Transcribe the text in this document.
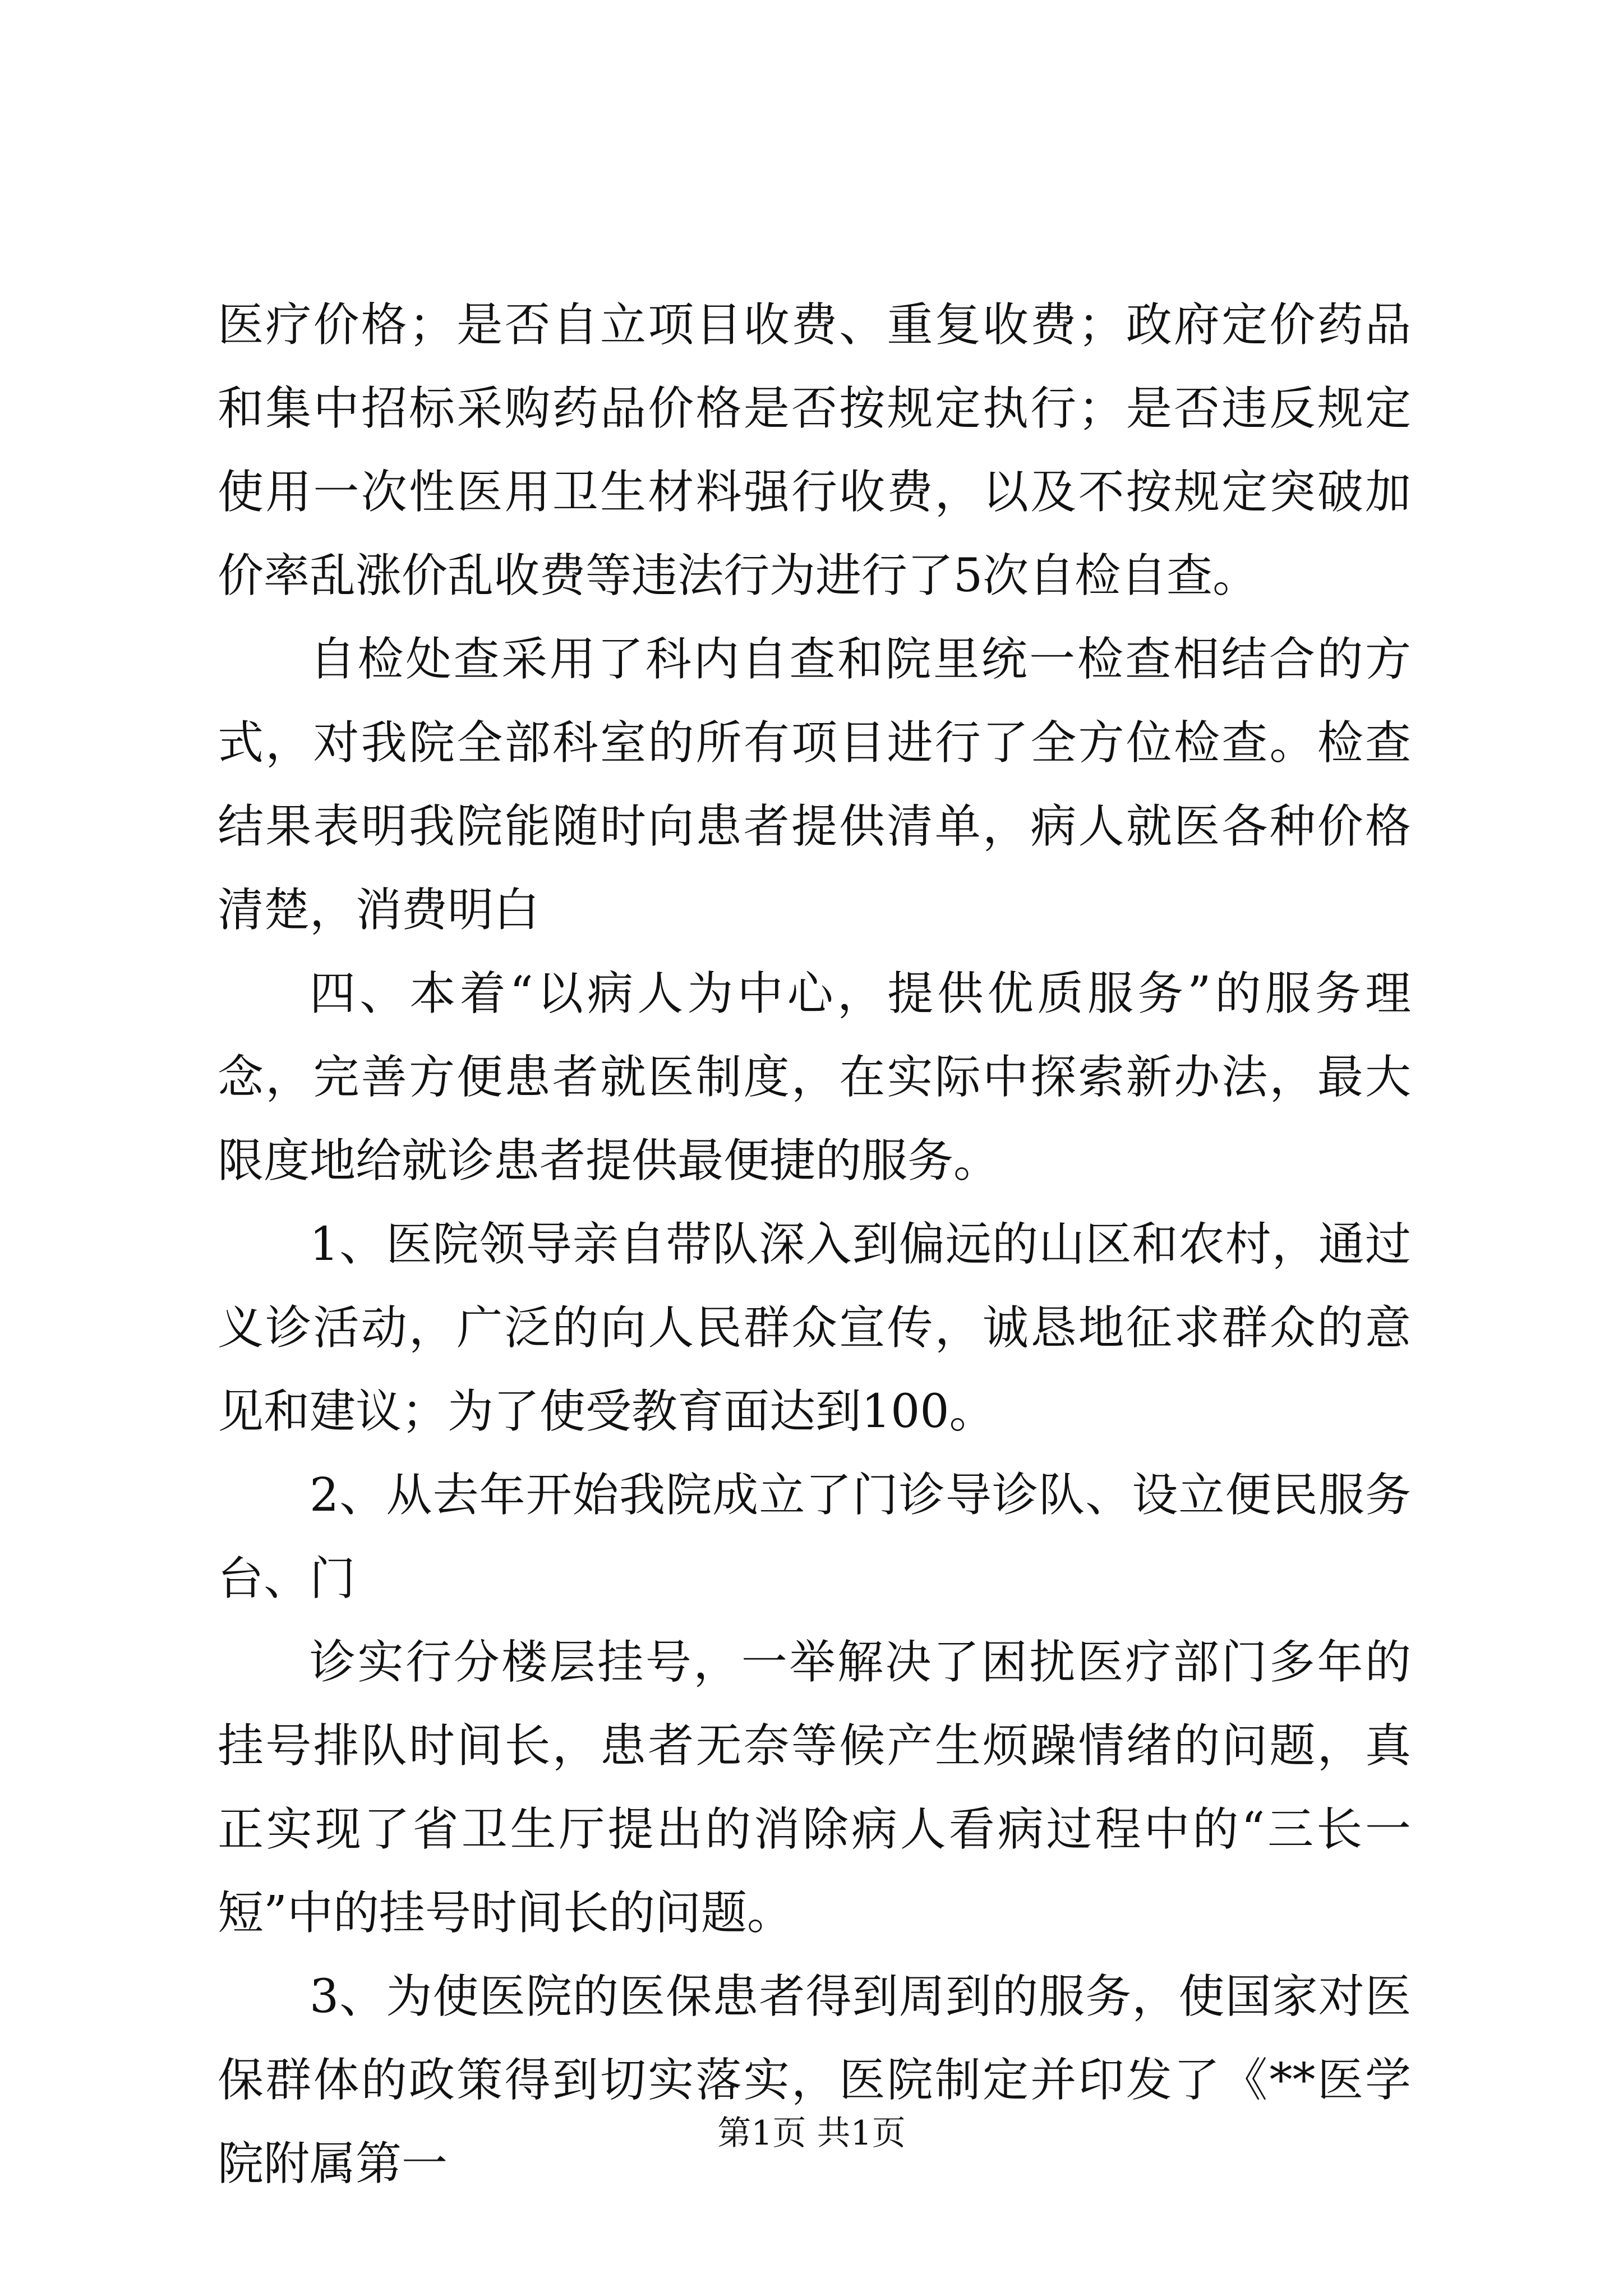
医疗价格；是否自立项目收费、重复收费；政府定价药品和集中招标采购药品价格是否按规定执行；是否违反规定使用一次性医用卫生材料强行收费，以及不按规定突破加价率乱涨价乱收费等违法行为进行了5次自检自查。

自检处查采用了科内自查和院里统一检查相结合的方式，对我院全部科室的所有项目进行了全方位检查。检查结果表明我院能随时向患者提供清单，病人就医各种价格清楚，消费明白

四、本着“以病人为中心，提供优质服务”的服务理念，完善方便患者就医制度，在实际中探索新办法，最大限度地给就诊患者提供最便捷的服务。

1、医院领导亲自带队深入到偏远的山区和农村，通过义诊活动，广泛的向人民群众宣传，诚恳地征求群众的意见和建议；为了使受教育面达到100。

2、从去年开始我院成立了门诊导诊队、设立便民服务台、门

诊实行分楼层挂号，一举解决了困扰医疗部门多年的挂号排队时间长，患者无奈等候产生烦躁情绪的问题，真正实现了省卫生厅提出的消除病人看病过程中的“三长一短”中的挂号时间长的问题。

3、为使医院的医保患者得到周到的服务，使国家对医保群体的政策得到切实落实，医院制定并印发了《**医学院附属第一

第1页 共1页
